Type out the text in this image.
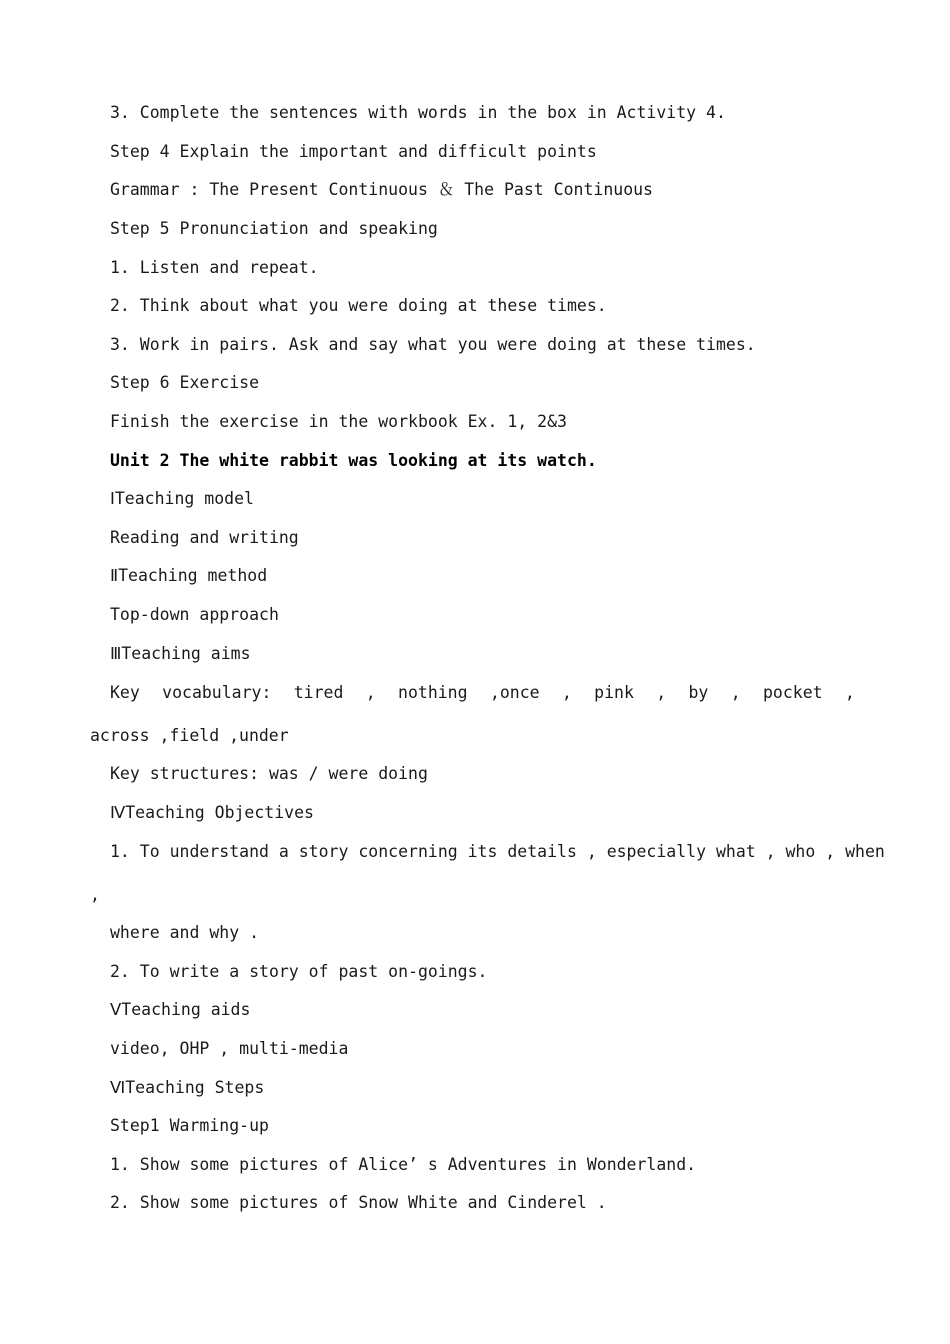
3. Complete the sentences with words in the box in Activity 4.

Step 4 Explain the important and difficult points

Grammar : The Present Continuous ＆ The Past Continuous

Step 5 Pronunciation and speaking

1. Listen and repeat.

2. Think about what you were doing at these times.

3. Work in pairs. Ask and say what you were doing at these times.

Step 6 Exercise

Finish the exercise in the workbook Ex. 1, 2&3

Unit 2 The white rabbit was looking at its watch.

ⅠTeaching model

Reading and writing

ⅡTeaching method

Top-down approach

ⅢTeaching aims

Key vocabulary: tired , nothing ,once , pink , by , pocket ,

across ,field ,under

Key structures: was / were doing

ⅣTeaching Objectives

1. To understand a story concerning its details , especially what , who , when

,

where and why .

2. To write a story of past on-goings.

ⅤTeaching aids

video, OHP , multi-media

ⅥTeaching Steps

Step1 Warming-up

1. Show some pictures of Alice’ s Adventures in Wonderland.

2. Show some pictures of Snow White and Cinderel .
